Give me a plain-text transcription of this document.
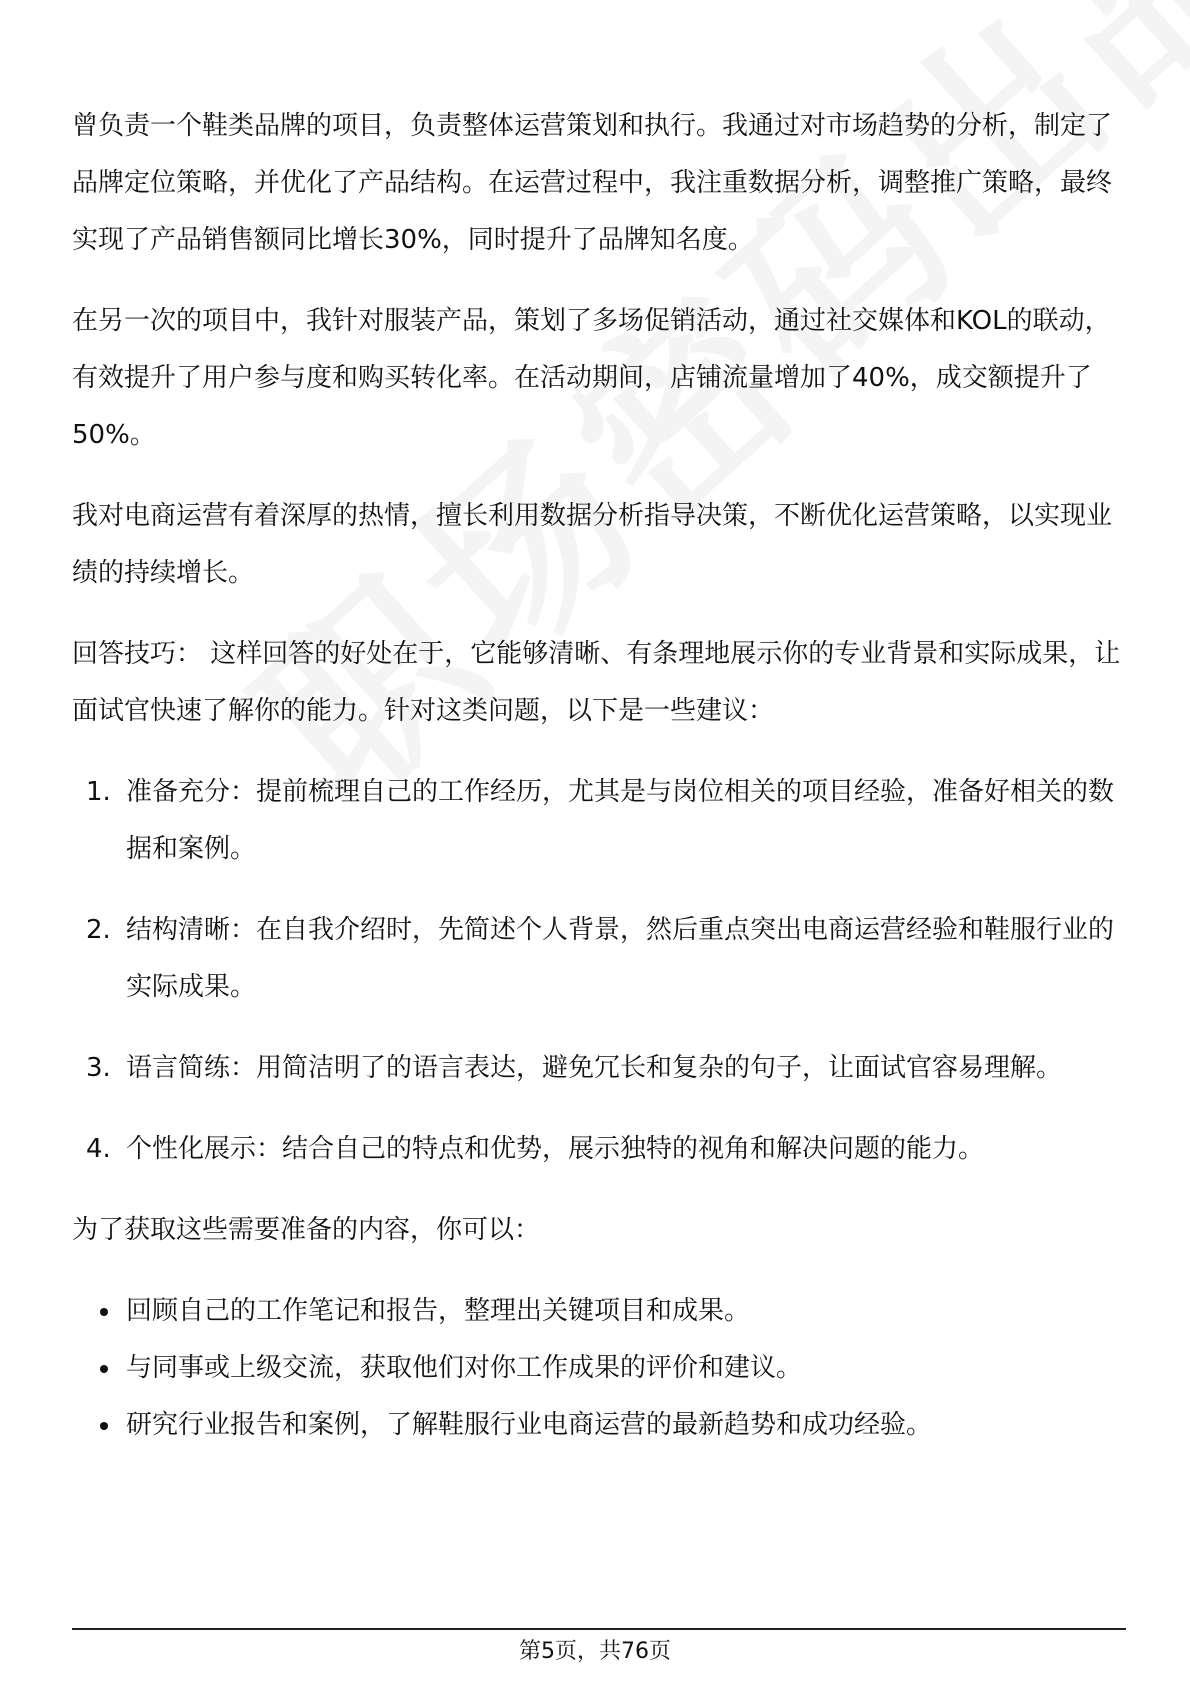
曾负责一个鞋类品牌的项目，负责整体运营策划和执行。我通过对市场趋势的分析，制定了品牌定位策略，并优化了产品结构。在运营过程中，我注重数据分析，调整推广策略，最终实现了产品销售额同比增长30%，同时提升了品牌知名度。

在另一次的项目中，我针对服装产品，策划了多场促销活动，通过社交媒体和KOL的联动，有效提升了用户参与度和购买转化率。在活动期间，店铺流量增加了40%，成交额提升了50%。

我对电商运营有着深厚的热情，擅长利用数据分析指导决策，不断优化运营策略，以实现业绩的持续增长。

回答技巧： 这样回答的好处在于，它能够清晰、有条理地展示你的专业背景和实际成果，让面试官快速了解你的能力。针对这类问题，以下是一些建议：

1. 准备充分：提前梳理自己的工作经历，尤其是与岗位相关的项目经验，准备好相关的数据和案例。
2. 结构清晰：在自我介绍时，先简述个人背景，然后重点突出电商运营经验和鞋服行业的实际成果。
3. 语言简练：用简洁明了的语言表达，避免冗长和复杂的句子，让面试官容易理解。
4. 个性化展示：结合自己的特点和优势，展示独特的视角和解决问题的能力。

为了获取这些需要准备的内容，你可以：

回顾自己的工作笔记和报告，整理出关键项目和成果。
与同事或上级交流，获取他们对你工作成果的评价和建议。
研究行业报告和案例，了解鞋服行业电商运营的最新趋势和成功经验。
第5页，共76页
